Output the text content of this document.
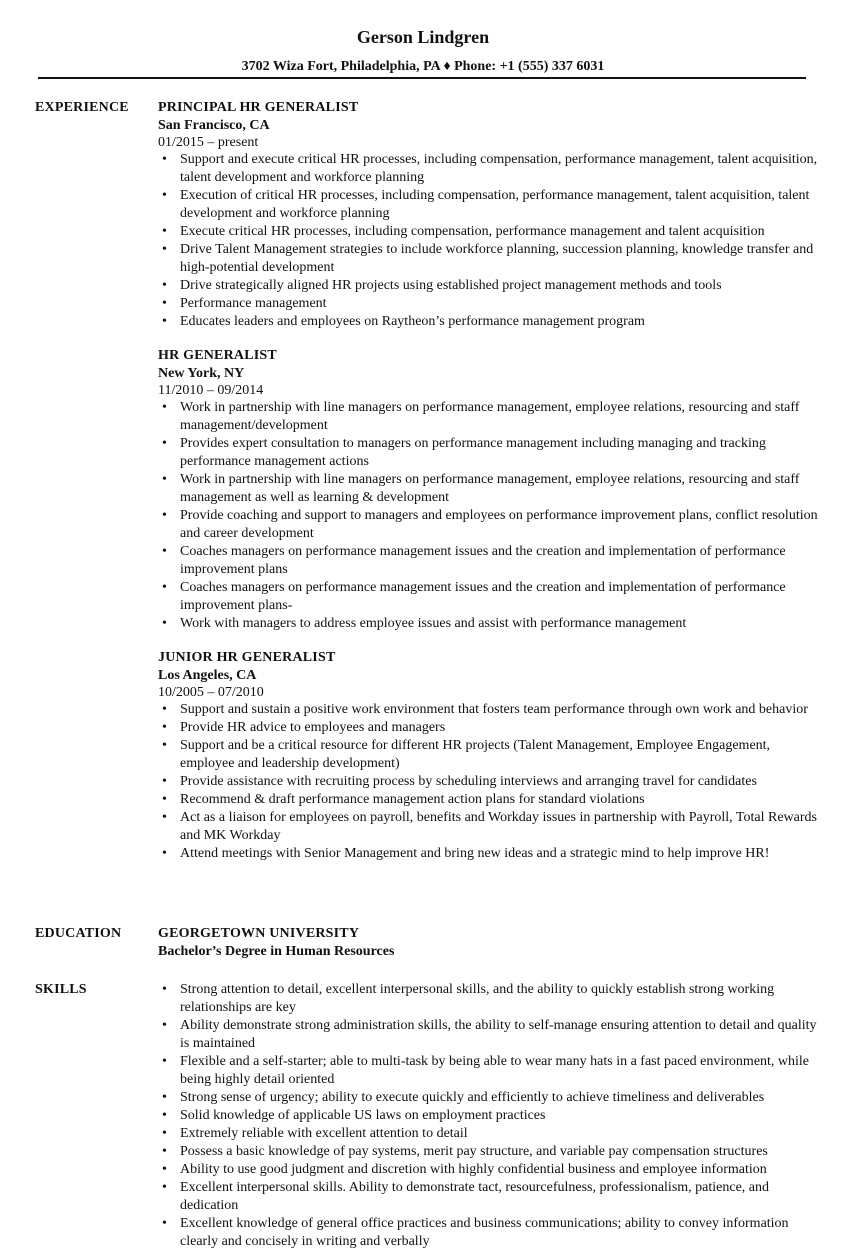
Gerson Lindgren
3702 Wiza Fort, Philadelphia, PA ♦ Phone: +1 (555) 337 6031
EXPERIENCE PRINCIPAL HR GENERALIST
San Francisco, CA
01/2015 – present
• Support and execute critical HR processes, including compensation, performance management, talent acquisition, talent development and workforce planning
• Execution of critical HR processes, including compensation, performance management, talent acquisition, talent development and workforce planning
• Execute critical HR processes, including compensation, performance management and talent acquisition
• Drive Talent Management strategies to include workforce planning, succession planning, knowledge transfer and high-potential development
• Drive strategically aligned HR projects using established project management methods and tools
• Performance management
• Educates leaders and employees on Raytheon’s performance management program
HR GENERALIST
New York, NY
11/2010 – 09/2014
• Work in partnership with line managers on performance management, employee relations, resourcing and staff management/development
• Provides expert consultation to managers on performance management including managing and tracking performance management actions
• Work in partnership with line managers on performance management, employee relations, resourcing and staff management as well as learning & development
• Provide coaching and support to managers and employees on performance improvement plans, conflict resolution and career development
• Coaches managers on performance management issues and the creation and implementation of performance improvement plans
• Coaches managers on performance management issues and the creation and implementation of performance improvement plans-
• Work with managers to address employee issues and assist with performance management
JUNIOR HR GENERALIST
Los Angeles, CA
10/2005 – 07/2010
• Support and sustain a positive work environment that fosters team performance through own work and behavior
• Provide HR advice to employees and managers
• Support and be a critical resource for different HR projects (Talent Management, Employee Engagement, employee and leadership development)
• Provide assistance with recruiting process by scheduling interviews and arranging travel for candidates
• Recommend & draft performance management action plans for standard violations
• Act as a liaison for employees on payroll, benefits and Workday issues in partnership with Payroll, Total Rewards and MK Workday
• Attend meetings with Senior Management and bring new ideas and a strategic mind to help improve HR!
EDUCATION	GEORGETOWN UNIVERSITY
Bachelor’s Degree in Human Resources
SKILLS	• Strong attention to detail, excellent interpersonal skills, and the ability to quickly establish strong working relationships are key
• Ability demonstrate strong administration skills, the ability to self-manage ensuring attention to detail and quality is maintained
• Flexible and a self-starter; able to multi-task by being able to wear many hats in a fast paced environment, while being highly detail oriented
• Strong sense of urgency; ability to execute quickly and efficiently to achieve timeliness and deliverables
• Solid knowledge of applicable US laws on employment practices
• Extremely reliable with excellent attention to detail
• Possess a basic knowledge of pay systems, merit pay structure, and variable pay compensation structures
• Ability to use good judgment and discretion with highly confidential business and employee information
• Excellent interpersonal skills. Ability to demonstrate tact, resourcefulness, professionalism, patience, and dedication
• Excellent knowledge of general office practices and business communications; ability to convey information clearly and concisely in writing and verbally
